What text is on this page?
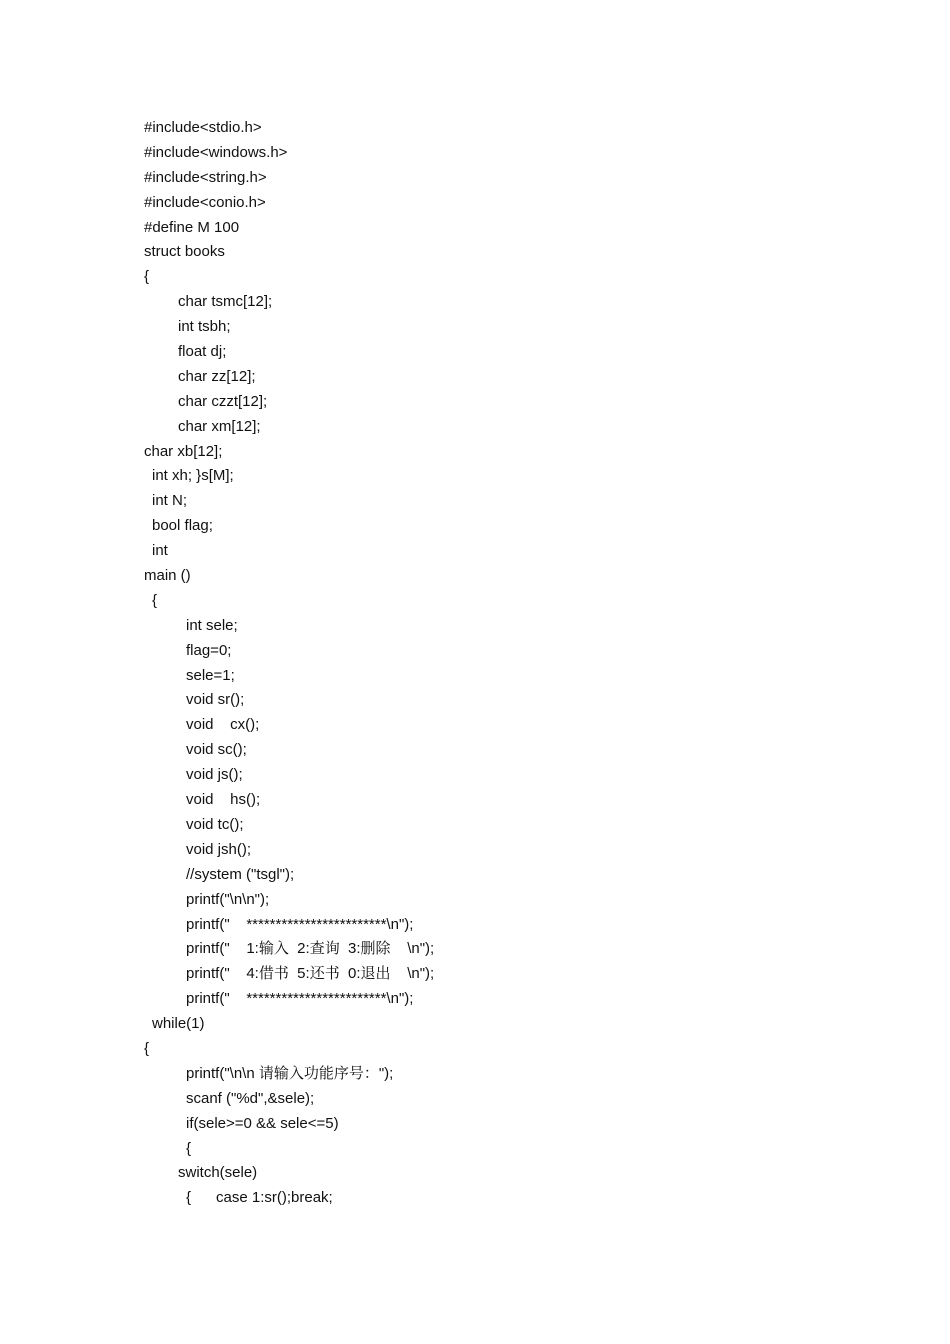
#include<stdio.h>
#include<windows.h>
#include<string.h>
#include<conio.h>
#define M 100
struct books
{
char tsmc[12];
int tsbh;
float dj;
char zz[12];
char czzt[12];
char xm[12];
char xb[12];
int xh; }s[M];
int N;
bool flag;
int
main ()
{
int sele;
flag=0;
sele=1;
void sr();
void    cx();
void sc();
void js();
void    hs();
void tc();
void jsh();
//system ("tsgl");
printf("\n\n");
printf("    ************************\n");
printf("    1:输入  2:查询  3:删除    \n");
printf("    4:借书  5:还书  0:退出    \n");
printf("    ************************\n");
while(1)
{
printf("\n\n 请输入功能序号：");
scanf ("%d",&sele);
if(sele>=0 && sele<=5)
{
switch(sele)
{      case 1:sr();break;
